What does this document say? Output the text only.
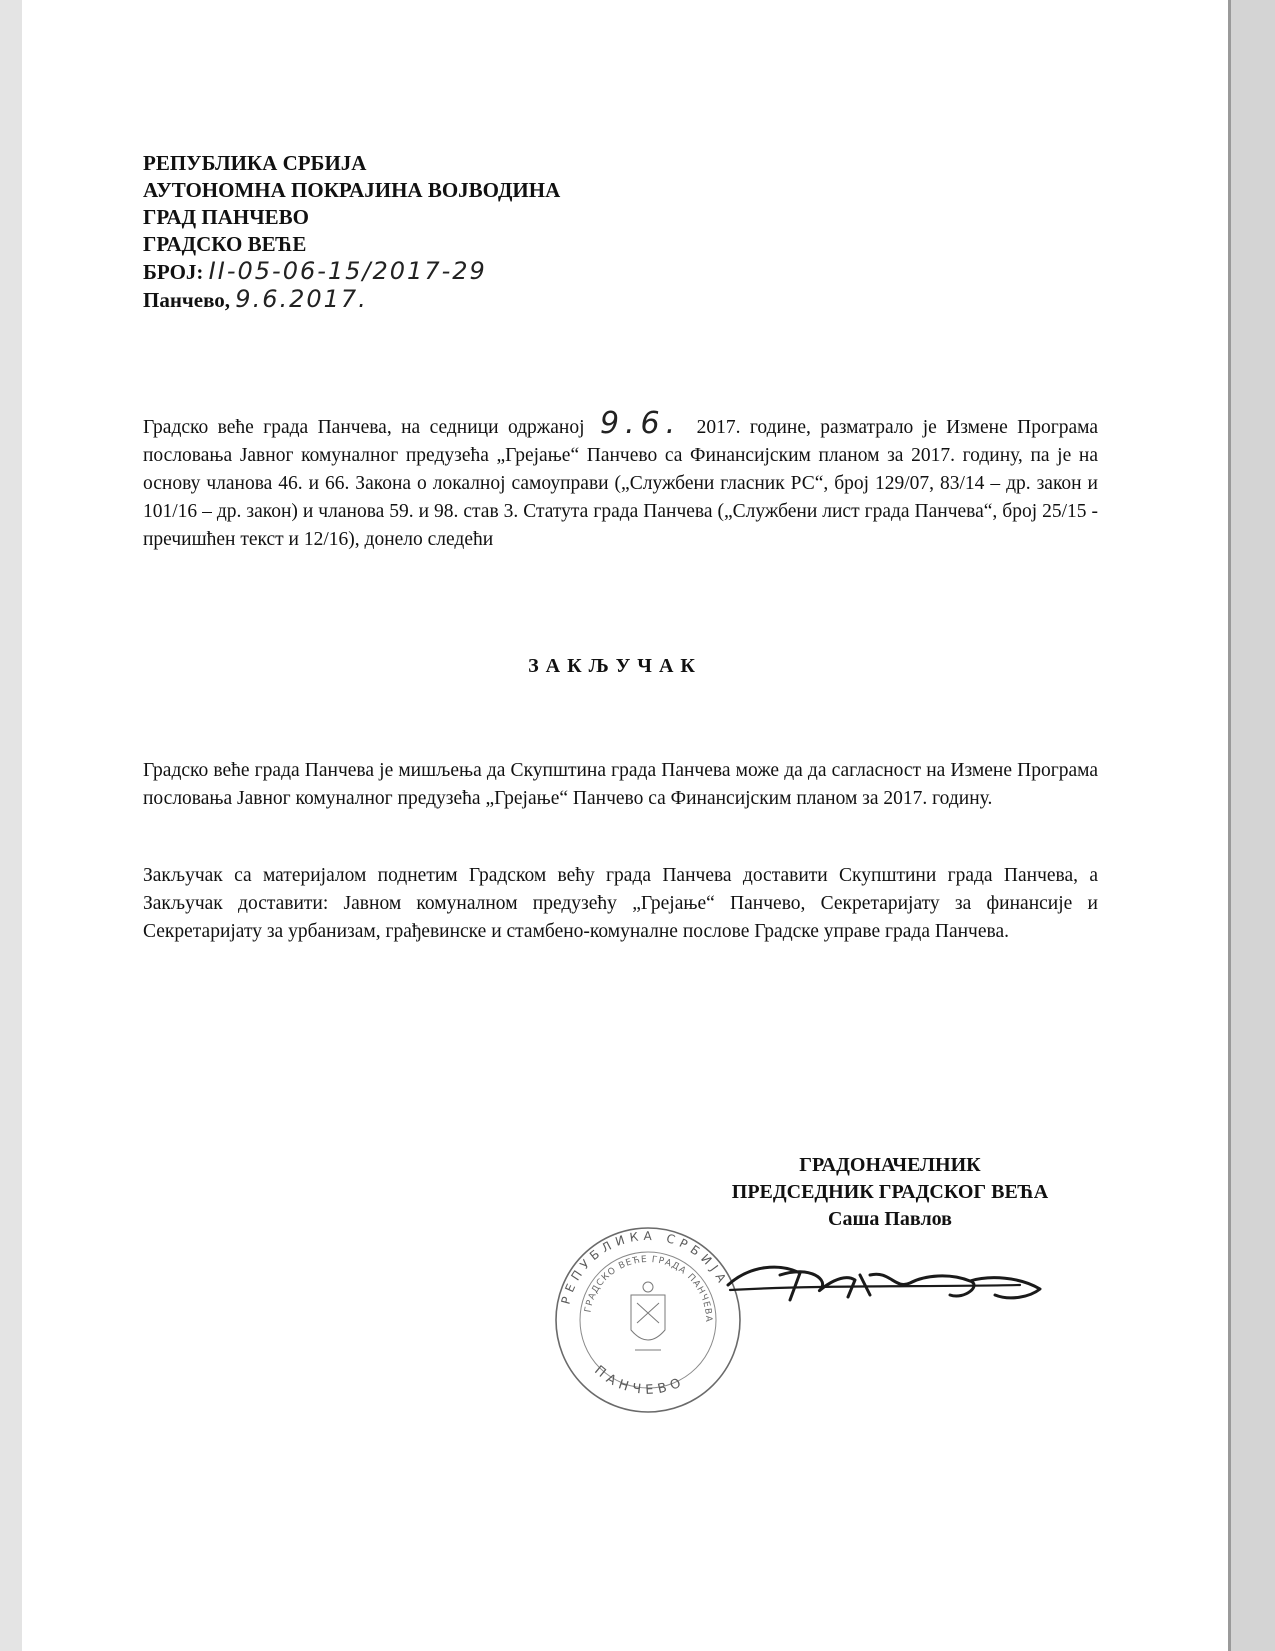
РЕПУБЛИКА СРБИЈА
АУТОНОМНА ПОКРАЈИНА ВОЈВОДИНА
ГРАД ПАНЧЕВО
ГРАДСКО ВЕЋЕ
БРОЈ: II-05-06-15/2017-29
Панчево, 9.6.2017.
Градско веће града Панчева, на седници одржаној 9.6. 2017. године, разматрало је Измене Програма пословања Јавног комуналног предузећа „Грејање“ Панчево са Финансијским планом за 2017. годину, па је на основу чланова 46. и 66. Закона о локалној самоуправи („Службени гласник РС“, број 129/07, 83/14 – др. закон и 101/16 – др. закон) и чланова 59. и 98. став 3. Статута града Панчева („Службени лист града Панчева“, број 25/15 - пречишћен текст и 12/16), донело следећи
ЗАКЉУЧАК
Градско веће града Панчева је мишљења да Скупштина града Панчева може да да сагласност на Измене Програма пословања Јавног комуналног предузећа „Грејање“ Панчево са Финансијским планом за 2017. годину.
Закључак са материјалом поднетим Градском већу града Панчева доставити Скупштини града Панчева, а Закључак доставити: Јавном комуналном предузећу „Грејање“ Панчево, Секретаријату за финансије и Секретаријату за урбанизам, грађевинске и стамбено-комуналне послове Градске управе града Панчева.
ГРАДОНАЧЕЛНИК
ПРЕДСЕДНИК ГРАДСКОГ ВЕЋА
Саша Павлов
РЕПУБЛИКА СРБИЈА
ГРАДСКО ВЕЋЕ ГРАДА ПАНЧЕВА
ПАНЧЕВО
